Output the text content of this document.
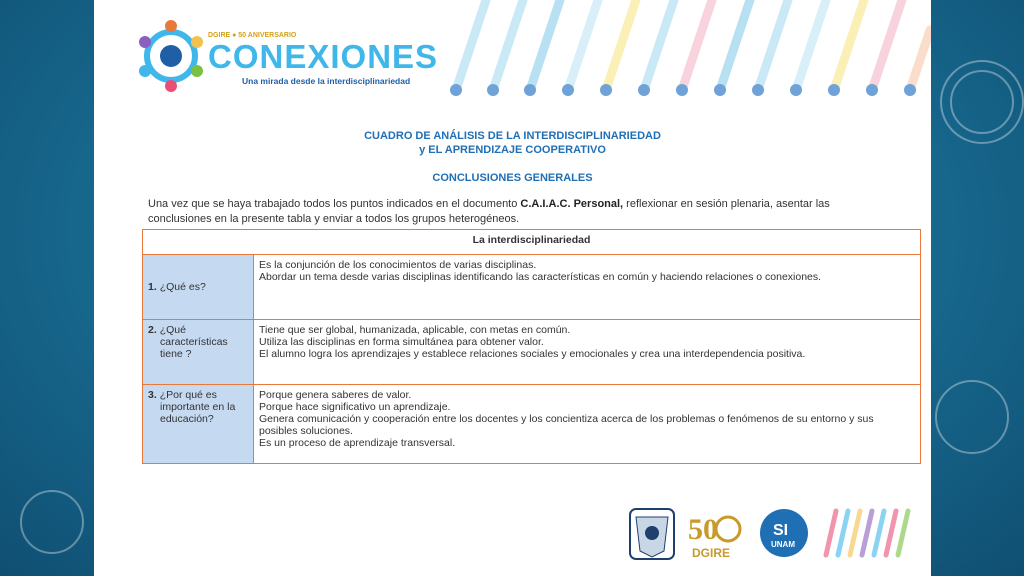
DGIRE ● 50 ANIVERSARIO
CONEXIONES
Una mirada desde la interdisciplinariedad
CUADRO DE ANÁLISIS DE LA INTERDISCIPLINARIEDAD
y EL APRENDIZAJE COOPERATIVO
CONCLUSIONES GENERALES
Una vez que se haya trabajado todos los puntos indicados en el documento C.A.I.A.C. Personal, reflexionar en sesión plenaria, asentar las conclusiones en la presente tabla y enviar a todos los grupos heterogéneos.
La interdisciplinariedad	

1. ¿Qué es?	Es la conjunción de los conocimientos de varias disciplinas.
Abordar un tema desde varias disciplinas identificando las características en común y haciendo relaciones o conexiones.

2. ¿Qué características tiene ?	Tiene que ser global, humanizada, aplicable, con metas en común.
Utiliza las disciplinas en forma simultánea para obtener valor.
El alumno logra los aprendizajes y establece relaciones sociales y emocionales y crea una interdependencia positiva.

3. ¿Por qué es importante en la educación?	Porque genera saberes de valor.
Porque hace significativo un aprendizaje.
Genera comunicación y cooperación entre los docentes y los concientiza acerca de los problemas o fenómenos de su entorno y sus posibles soluciones.
Es un proceso de aprendizaje transversal.
50
DGIRE
SI
UNAM
